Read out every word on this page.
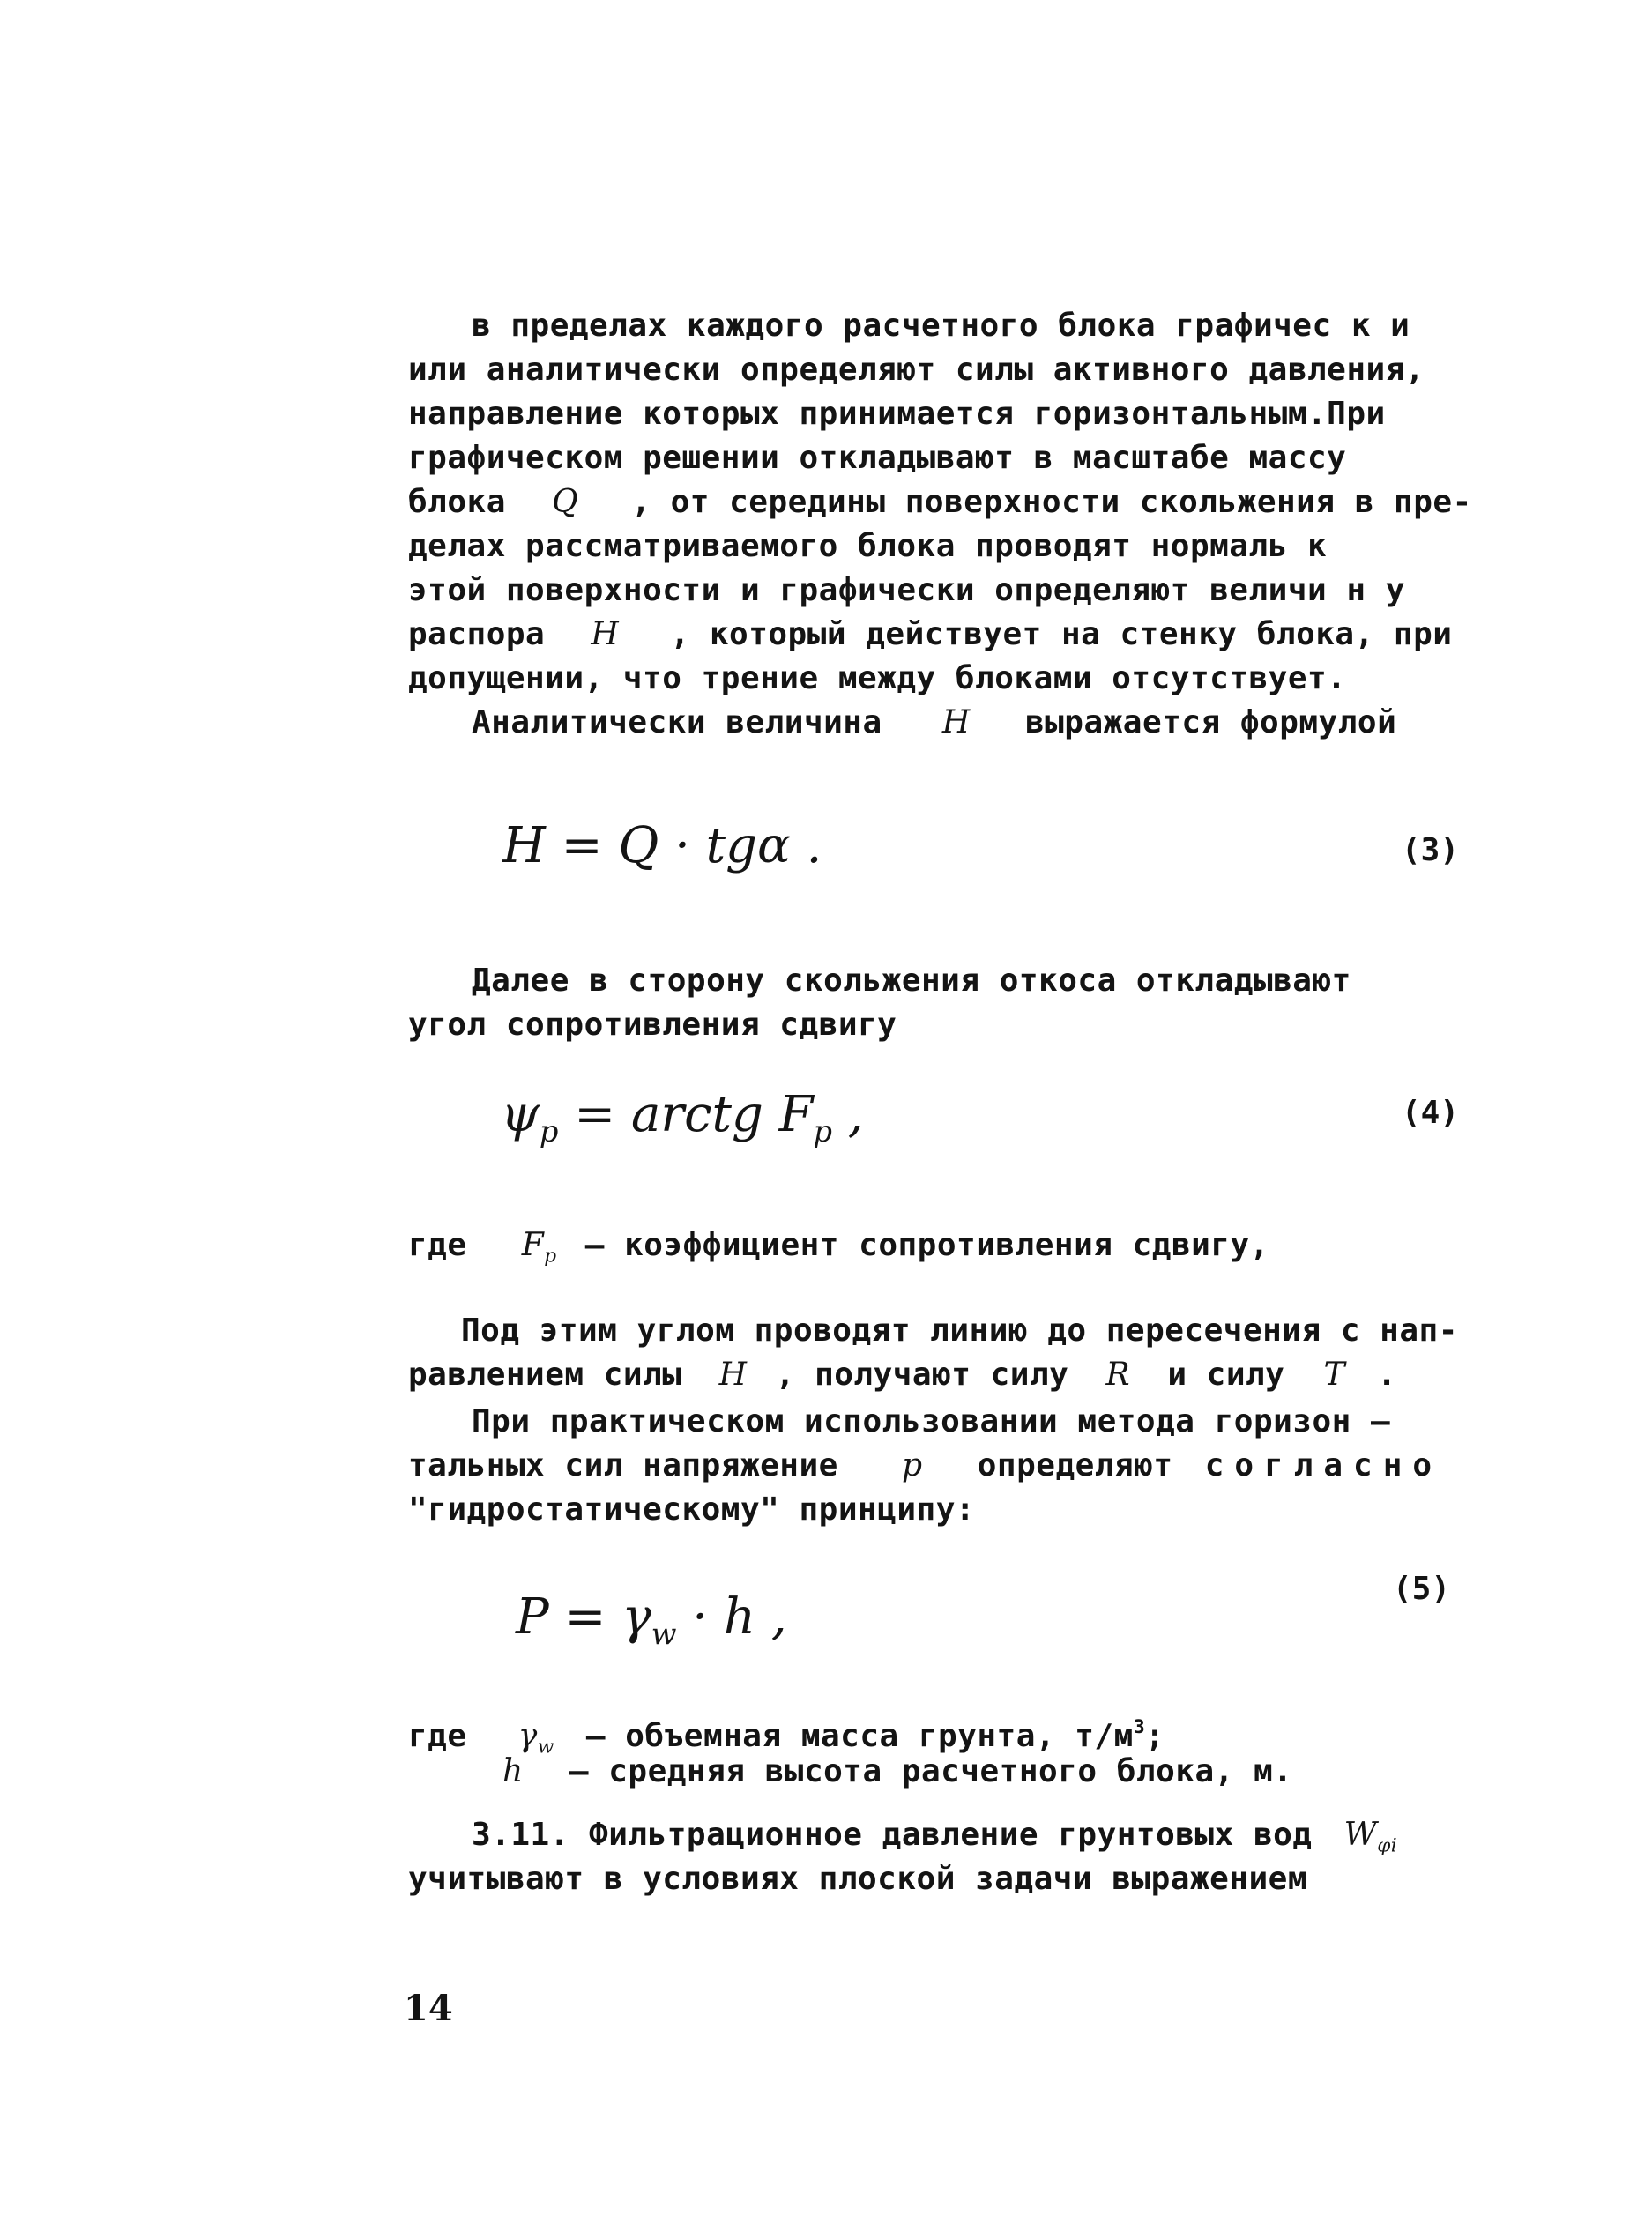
в пределах каждого расчетного блока графичес к и
или аналитически определяют силы активного давления,
направление которых принимается горизонтальным.При
графическом решении откладывают в масштабе массу
блока Q , от середины поверхности скольжения в пре-
делах рассматриваемого блока проводят нормаль к
этой поверхности и графически определяют величи н у
распора H , который действует на стенку блока, при
допущении, что трение между блоками отсутствует.
Аналитически величина H выражается формулой
H = Q · tgα .	(3)
Далее в сторону скольжения откоса откладывают
угол сопротивления сдвигу
$\psi_p$ = arctg $F_p$ ,	(4)
где $F_p$ – коэффициент сопротивления сдвигу,
Под этим углом проводят линию до пересечения с нап-
равлением силы H , получают силу R и силу T .
При практическом использовании метода горизон –
тальных сил напряжение p определяют согласно
"гидростатическому" принципу:
$P = \gamma_w \cdot h$ ,	(5)
где $\gamma_w$ – объемная масса грунта, $т/м^3$;
h – средняя высота расчетного блока, м.
3.11. Фильтрационное давление грунтовых вод $W_{\varphi i}$
учитывают в условиях плоской задачи выражением
14
